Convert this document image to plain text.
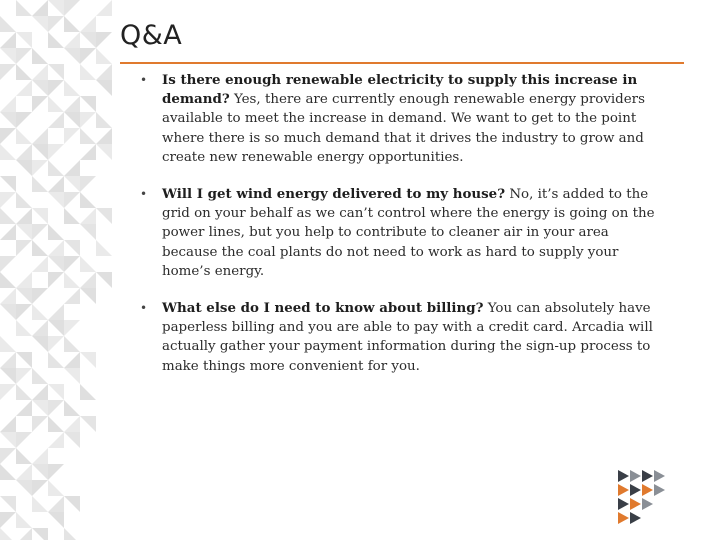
Q&A
• Is there enough renewable electricity to supply this increase in demand? Yes, there are currently enough renewable energy providers available to meet the increase in demand. We want to get to the point where there is so much demand that it drives the industry to grow and create new renewable energy opportunities.
• Will I get wind energy delivered to my house? No, it’s added to the grid on your behalf as we can’t control where the energy is going on the power lines, but you help to contribute to cleaner air in your area because the coal plants do not need to work as hard to supply your home’s energy.
• What else do I need to know about billing? You can absolutely have paperless billing and you are able to pay with a credit card. Arcadia will actually gather your payment information during the sign-up process to make things more convenient for you.
